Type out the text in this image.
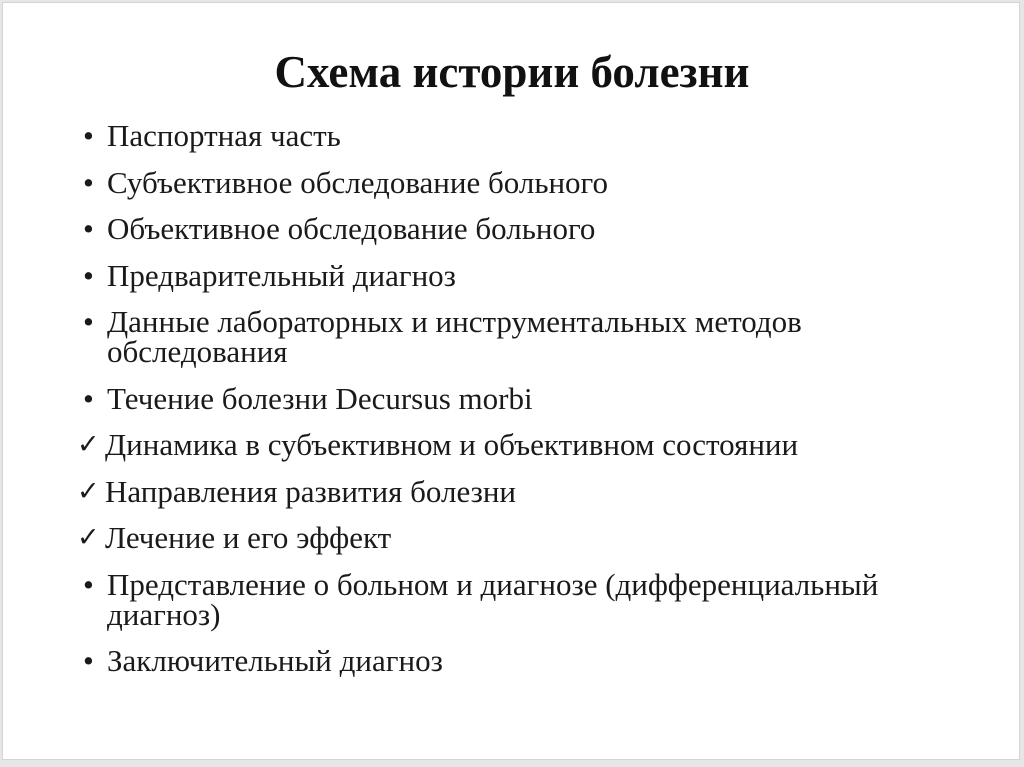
Схема истории болезни
• Паспортная часть
• Субъективное обследование больного
• Объективное обследование больного
• Предварительный диагноз
• Данные лабораторных и инструментальных методов обследования
• Течение болезни Decursus morbi
✓ Динамика в субъективном и объективном состоянии
✓ Направления развития болезни
✓ Лечение и его эффект
• Представление о больном и диагнозе (дифференциальный диагноз)
• Заключительный диагноз
